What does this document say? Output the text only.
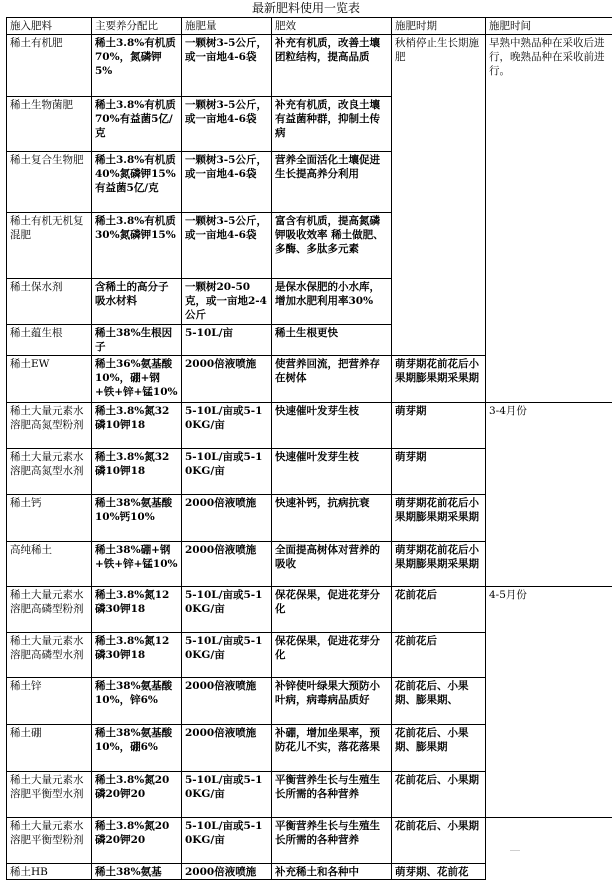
最新肥料使用一览表
施入肥料	主要养分配比	施肥量	肥效	施肥时期	施肥时间	
稀土有机肥	稀土3.8%有机质70%，氮磷钾5%	一颗树3-5公斤，或一亩地4-6袋	补充有机质，改善土壤团粒结构，提高品质	秋梢停止生长期施肥	早熟中熟品种在采收后进行，晚熟品种在采收前进行。	
稀土生物菌肥	稀土3.8%有机质70%有益菌5亿/克	一颗树3-5公斤，或一亩地4-6袋	补充有机质，改良土壤有益菌种群，抑制土传病			
稀土复合生物肥	稀土3.8%有机质40%氮磷钾15%有益菌5亿/克	一颗树3-5公斤，或一亩地4-6袋	营养全面活化土壤促进生长提高养分利用			
稀土有机无机复混肥	稀土3.8%有机质30%氮磷钾15%	一颗树3-5公斤，或一亩地4-6袋	富含有机质，提高氮磷钾吸收效率 稀土做肥、多酶、多肽多元素			
稀土保水剂	含稀土的高分子吸水材料	一颗树20-50克，或一亩地2-4公斤	是保水保肥的小水库，增加水肥利用率30%			
稀土蕴生根	稀土38%生根因子	5-10L/亩	稀土生根更快			
稀土EW	稀土36%氨基酸10%，硼+钢+铁+锌+锰10%	2000倍液喷施	使营养回流，把营养存在树体	萌芽期花前花后小果期膨果期采果期		
稀土大量元素水溶肥高氮型粉剂	稀土3.8%氮32磷10钾18	5-10L/亩或5-10KG/亩	快速催叶发芽生枝	萌芽期	3-4月份	
稀土大量元素水溶肥高氮型水剂	稀土3.8%氮32磷10钾18	5-10L/亩或5-10KG/亩	快速催叶发芽生枝	萌芽期		
稀土钙	稀土38%氨基酸10%钙10%	2000倍液喷施	快速补钙，抗病抗衰	萌芽期花前花后小果期膨果期采果期		
高纯稀土	稀土38%硼+钢+铁+锌+锰10%	2000倍液喷施	全面提高树体对营养的吸收	萌芽期花前花后小果期膨果期采果期		
稀土大量元素水溶肥高磷型粉剂	稀土3.8%氮12磷30钾18	5-10L/亩或5-10KG/亩	保花保果，促进花芽分化	花前花后	4-5月份	
稀土大量元素水溶肥高磷型水剂	稀土3.8%氮12磷30钾18	5-10L/亩或5-10KG/亩	保花保果，促进花芽分化	花前花后		
稀土锌	稀土38%氨基酸10%，锌6%	2000倍液喷施	补锌使叶绿果大预防小叶病，病毒病品质好	花前花后、小果期、膨果期、		
稀土硼	稀土38%氨基酸10%，硼6%	2000倍液喷施	补硼，增加坐果率，预防花儿不实，落花落果	花前花后、小果期、膨果期		
稀土大量元素水溶肥平衡型水剂	稀土3.8%氮20磷20钾20	5-10L/亩或5-10KG/亩	平衡营养生长与生殖生长所需的各种营养	花前花后、小果期	
稀土大量元素水溶肥平衡型粉剂	稀土3.8%氮20磷20钾20	5-10L/亩或5-10KG/亩	平衡营养生长与生殖生长所需的各种营养	花前花后、小果期		
稀土HB	稀土38%氨基	2000倍液喷施	补充稀土和各种中	萌芽期、花前花		
